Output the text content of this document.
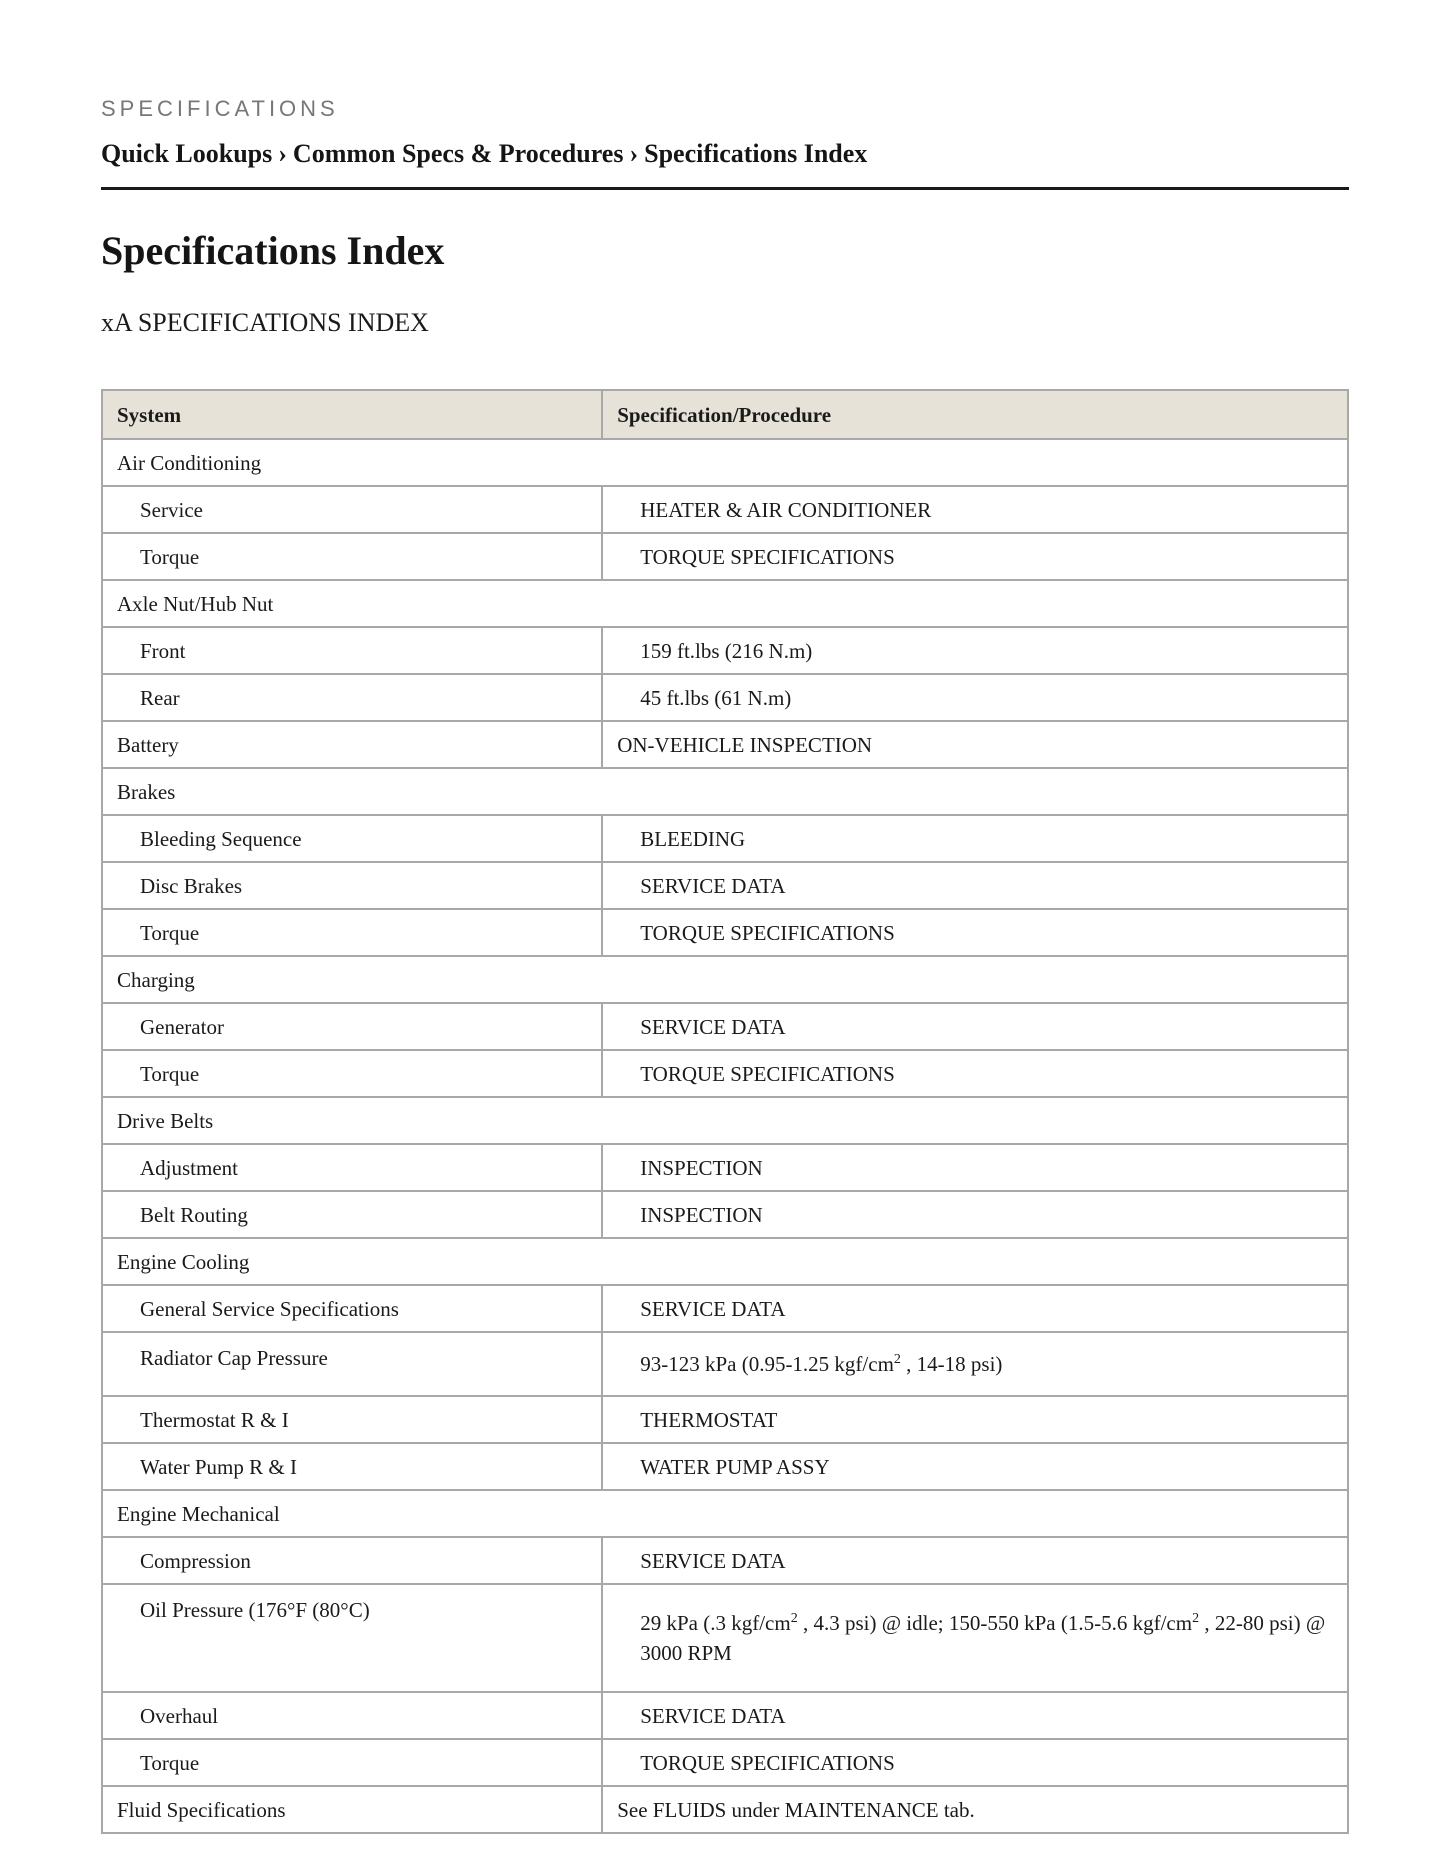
SPECIFICATIONS
Quick Lookups › Common Specs & Procedures › Specifications Index
Specifications Index
xA SPECIFICATIONS INDEX
System	Specification/Procedure
Air Conditioning	
Service	HEATER & AIR CONDITIONER
Torque	TORQUE SPECIFICATIONS
Axle Nut/Hub Nut	
Front	159 ft.lbs (216 N.m)
Rear	45 ft.lbs (61 N.m)
Battery	ON-VEHICLE INSPECTION
Brakes	
Bleeding Sequence	BLEEDING
Disc Brakes	SERVICE DATA
Torque	TORQUE SPECIFICATIONS
Charging	
Generator	SERVICE DATA
Torque	TORQUE SPECIFICATIONS
Drive Belts	
Adjustment	INSPECTION
Belt Routing	INSPECTION
Engine Cooling	
General Service Specifications	SERVICE DATA
Radiator Cap Pressure	93-123 kPa (0.95-1.25 kgf/$cm^2$ , 14-18 psi)
Thermostat R & I	THERMOSTAT
Water Pump R & I	WATER PUMP ASSY
Engine Mechanical	
Compression	SERVICE DATA
Oil Pressure (176°F (80°C)	29 kPa (.3 kgf/$cm^2$ , 4.3 psi) @ idle; 150-550 kPa (1.5-5.6 kgf/$cm^2$ , 22-80 psi) @ 3000 RPM
Overhaul	SERVICE DATA
Torque	TORQUE SPECIFICATIONS
Fluid Specifications	See FLUIDS under MAINTENANCE tab.
